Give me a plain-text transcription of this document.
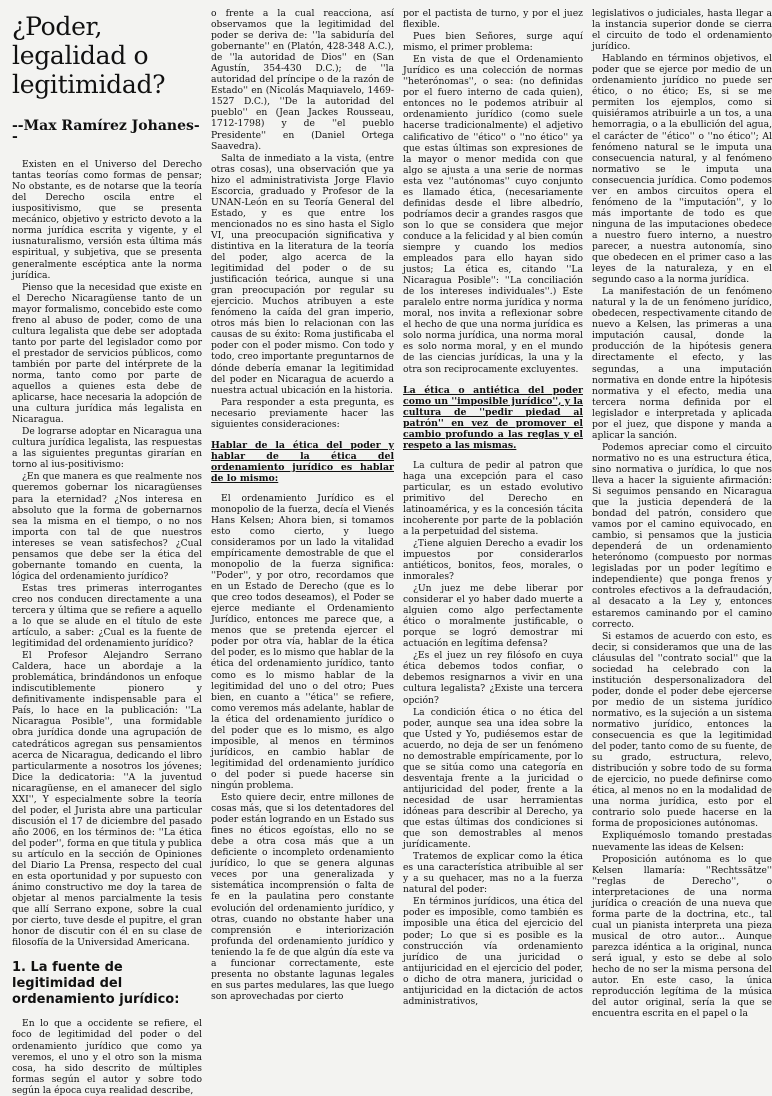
¿Poder, legalidad o legitimidad?
--Max Ramírez Johanes--

Existen en el Universo del Derecho tantas teorías como formas de pensar; No obstante, es de notarse que la teoría del Derecho oscila entre el iuspositivismo, que se presenta mecánico, objetivo y estricto devoto a la norma jurídica escrita y vigente, y el iusnaturalismo, versión esta última más espiritual, y subjetiva, que se presenta generalmente escéptica ante la norma jurídica.

Pienso que la necesidad que existe en el Derecho Nicaragüense tanto de un mayor formalismo, concebido este como freno al abuso de poder, como de una cultura legalista que debe ser adoptada tanto por parte del legislador como por el prestador de servicios públicos, como también por parte del intérprete de la norma, tanto como por parte de aquellos a quienes esta debe de aplicarse, hace necesaria la adopción de una cultura jurídica más legalista en Nicaragua.

De lograrse adoptar en Nicaragua una cultura jurídica legalista, las respuestas a las siguientes preguntas girarían en torno al ius-positivismo:

¿En que manera es que realmente nos queremos gobernar los nicaragüenses para la eternidad? ¿Nos interesa en absoluto que la forma de gobernarnos sea la misma en el tiempo, o no nos importa con tal de que nuestros intereses se vean satisfechos? ¿Cual pensamos que debe ser la ética del gobernante tomando en cuenta, la lógica del ordenamiento jurídico?

Estas tres primeras interrogantes creo nos conducen directamente a una tercera y última que se refiere a aquello a lo que se alude en el título de este artículo, a saber: ¿Cual es la fuente de legitimidad del ordenamiento jurídico?

El Profesor Alejandro Serrano Caldera, hace un abordaje a la problemática, brindándonos un enfoque indiscutiblemente pionero y definitivamente indispensable para el País, lo hace en la publicación: ''La Nicaragua Posible'', una formidable obra jurídica donde una agrupación de catedráticos agregan sus pensamientos acerca de Nicaragua, dedicando el libro particularmente a nosotros los jóvenes; Dice la dedicatoria: ''A la juventud nicaragüense, en el amanecer del siglo XXI'', Y especialmente sobre la teoría del poder, el Jurista abre una particular discusión el 17 de diciembre del pasado año 2006, en los términos de: ''La ética del poder'', forma en que titula y publica su artículo en la sección de Opiniones del Diario La Prensa, respecto del cual en esta oportunidad y por supuesto con ánimo constructivo me doy la tarea de objetar al menos parcialmente la tesis que allí Serrano expone, sobre la cual por cierto, tuve desde el pupitre, el gran honor de discutir con él en su clase de filosofía de la Universidad Americana.

1. La fuente de legitimidad del ordenamiento jurídico:

En lo que a occidente se refiere, el foco de legitimidad del poder o del ordenamiento jurídico que como ya veremos, el uno y el otro son la misma cosa, ha sido descrito de múltiples formas según el autor y sobre todo según la época cuya realidad describe,

o frente a la cual reacciona, así observamos que la legitimidad del poder se deriva de: ''la sabiduría del gobernante'' en (Platón, 428-348 A.C.), de ''la autoridad de Dios'' en (San Agustín, 354-430 D.C.); de ''la autoridad del príncipe o de la razón de Estado'' en (Nicolás Maquiavelo, 1469-1527 D.C.), ''De la autoridad del pueblo'' en (Jean Jackes Rousseau, 1712-1798) y de ''el pueblo Presidente'' en (Daniel Ortega Saavedra).

Salta de inmediato a la vista, (entre otras cosas), una observación que ya hizo el administrativista Jorge Flavio Escorcia, graduado y Profesor de la UNAN-León en su Teoría General del Estado, y es que entre los mencionados no es sino hasta el Siglo VI, una preocupación significativa y distintiva en la literatura de la teoría del poder, algo acerca de la legitimidad del poder o de su justificación teórica, aunque si una gran preocupación por regular su ejercicio. Muchos atribuyen a este fenómeno la caída del gran imperio, otros más bien lo relacionan con las causas de su éxito: Roma justificaba el poder con el poder mismo. Con todo y todo, creo importante preguntarnos de dónde debería emanar la legitimidad del poder en Nicaragua de acuerdo a nuestra actual ubicación en la historia.

Para responder a esta pregunta, es necesario previamente hacer las siguientes consideraciones:

Hablar de la ética del poder y hablar de la ética del ordenamiento jurídico es hablar de lo mismo:

El ordenamiento Jurídico es el monopolio de la fuerza, decía el Vienés Hans Kelsen; Ahora bien, si tomamos esto como cierto, y luego consideramos por un lado la vitalidad empíricamente demostrable de que el monopolio de la fuerza significa: ''Poder'', y por otro, recordamos que en un Estado de Derecho (que es lo que creo todos deseamos), el Poder se ejerce mediante el Ordenamiento Jurídico, entonces me parece que, a menos que se pretenda ejercer el poder por otra vía, hablar de la ética del poder, es lo mismo que hablar de la ética del ordenamiento jurídico, tanto como es lo mismo hablar de la legitimidad del uno o del otro; Pues bien, en cuanto a ''ética'' se refiere, como veremos más adelante, hablar de la ética del ordenamiento jurídico o del poder que es lo mismo, es algo imposible, al menos en términos jurídicos, en cambio hablar de legitimidad del ordenamiento jurídico o del poder si puede hacerse sin ningún problema.

Esto quiere decir, entre millones de cosas más, que si los detentadores del poder están logrando en un Estado sus fines no éticos egoístas, ello no se debe a otra cosa más que a un deficiente o incompleto ordenamiento jurídico, lo que se genera algunas veces por una generalizada y sistemática incomprensión o falta de fe en la paulatina pero constante evolución del ordenamiento jurídico, y otras, cuando no obstante haber una comprensión e interiorización profunda del ordenamiento jurídico y teniendo la fe de que algún día este va a funcionar correctamente, este presenta no obstante lagunas legales en sus partes medulares, las que luego son aprovechadas por cierto

por el pactista de turno, y por el juez flexible.

Pues bien Señores, surge aquí mismo, el primer problema:

En vista de que el Ordenamiento Jurídico es una colección de normas ''heterónomas'', o sea: (no definidas por el fuero interno de cada quien), entonces no le podemos atribuir al ordenamiento jurídico (como suele hacerse tradicionalmente) el adjetivo calificativo de ''ético'' o ''no ético'' ya que estas últimas son expresiones de la mayor o menor medida con que algo se ajusta a una serie de normas esta vez ''autónomas'' cuyo conjunto es llamado ética, (necesariamente definidas desde el libre albedrío, podríamos decir a grandes rasgos que son lo que se considera que mejor conduce a la felicidad y al bien común siempre y cuando los medios empleados para ello hayan sido justos; La ética es, citando ''La Nicaragua Posible'': ''La conciliación de los intereses individuales''.) Este paralelo entre norma jurídica y norma moral, nos invita a reflexionar sobre el hecho de que una norma jurídica es solo norma jurídica, una norma moral es solo norma moral, y en el mundo de las ciencias jurídicas, la una y la otra son reciprocamente excluyentes.

La ética o antiética del poder como un ''imposible jurídico'', y la cultura de ''pedir piedad al patrón'' en vez de promover el cambio profundo a las reglas y el respeto a las mismas.

La cultura de pedir al patron que haga una excepción para el caso particular, es un estado evolutivo primitivo del Derecho en latinoamérica, y es la concesión tácita incoherente por parte de la población a la perpetuidad del sistema.

¿Tiene alguien Derecho a evadir los impuestos por considerarlos antiéticos, bonitos, feos, morales, o inmorales?

¿Un juez me debe liberar por considerar el yo haber dado muerte a alguien como algo perfectamente ético o moralmente justificable, o porque se logró demostrar mi actuación en legítima defensa?

¿Es el juez un rey filósofo en cuya ética debemos todos confiar, o debemos resignarnos a vivir en una cultura legalista? ¿Existe una tercera opción?

La condición ética o no ética del poder, aunque sea una idea sobre la que Usted y Yo, pudiésemos estar de acuerdo, no deja de ser un fenómeno no demostrable empíricamente, por lo que se sitúa como una categoría en desventaja frente a la juricidad o antijuricidad del poder, frente a la necesidad de usar herramientas idóneas para describir al Derecho, ya que estas últimas dos condiciones si que son demostrables al menos jurídicamente.

Tratemos de explicar como la ética es una característica atribuible al ser y a su quehacer, mas no a la fuerza natural del poder:

En términos jurídicos, una ética del poder es imposible, como también es imposible una ética del ejercicio del poder; Lo que si es posible es la construcción vía ordenamiento jurídico de una juricidad o antijuricidad en el ejercicio del poder, o dicho de otra manera, juricidad o antijuricidad en la dictación de actos administrativos,

legislativos o judiciales, hasta llegar a la instancia superior donde se cierra el circuito de todo el ordenamiento jurídico.

Hablando en términos objetivos, el poder que se ejerce por medio de un ordenamiento jurídico no puede ser ético, o no ético; Es, si se me permiten los ejemplos, como si quisiéramos atribuirle a un tos, a una hemorragia, o a la ebullición del agua, el carácter de ''ético'' o ''no ético''; Al fenómeno natural se le imputa una consecuencia natural, y al fenómeno normativo se le imputa una consecuencia jurídica. Como podemos ver en ambos circuitos opera el fenómeno de la ''imputación'', y lo más importante de todo es que ninguna de las imputaciones obedece a nuestro fuero interno, a nuestro parecer, a nuestra autonomía, sino que obedecen en el primer caso a las leyes de la naturaleza, y en el segundo caso a la norma jurídica.

La manifestación de un fenómeno natural y la de un fenómeno jurídico, obedecen, respectivamente citando de nuevo a Kelsen, las primeras a una imputación causal, donde la producción de la hipótesis genera directamente el efecto, y las segundas, a una imputación normativa en donde entre la hipótesis normativa y el efecto, media una tercera norma definida por el legislador e interpretada y aplicada por el juez, que dispone y manda a aplicar la sanción.

Podemos apreciar como el circuito normativo no es una estructura ética, sino normativa o jurídica, lo que nos lleva a hacer la siguiente afirmación: Si seguimos pensando en Nicaragua que la justicia dependerá de la bondad del patrón, considero que vamos por el camino equivocado, en cambio, si pensamos que la justicia dependerá de un ordenamiento heterónomo (compuesto por normas legisladas por un poder legítimo e independiente) que ponga frenos y controles efectivos a la defraudación, al desacato a la Ley y, entonces estaremos caminando por el camino correcto.

Si estamos de acuerdo con esto, es decir, si consideramos que una de las cláusulas del ''contrato social'' que la sociedad ha celebrado con la institución despersonalizadora del poder, donde el poder debe ejercerse por medio de un sistema jurídico normativo, es la sujeción a un sistema normativo jurídico, entonces la consecuencia es que la legitimidad del poder, tanto como de su fuente, de su grado, estructura, relevo, distribución y sobre todo de su forma de ejercicio, no puede definirse como ética, al menos no en la modalidad de una norma jurídica, esto por el contrario solo puede hacerse en la forma de proposiciones autónomas.

Expliquémoslo tomando prestadas nuevamente las ideas de Kelsen:

Proposición autónoma es lo que Kelsen llamaría: ''Rechtssätze'' ''reglas de Derecho'', o interpretaciones de una norma jurídica o creación de una nueva que forma parte de la doctrina, etc., tal cual un pianista interpreta una pieza musical de otro autor... Aunque parezca idéntica a la original, nunca será igual, y esto se debe al solo hecho de no ser la misma persona del autor. En este caso, la única reproducción legítima de la música del autor original, sería la que se encuentra escrita en el papel o la
